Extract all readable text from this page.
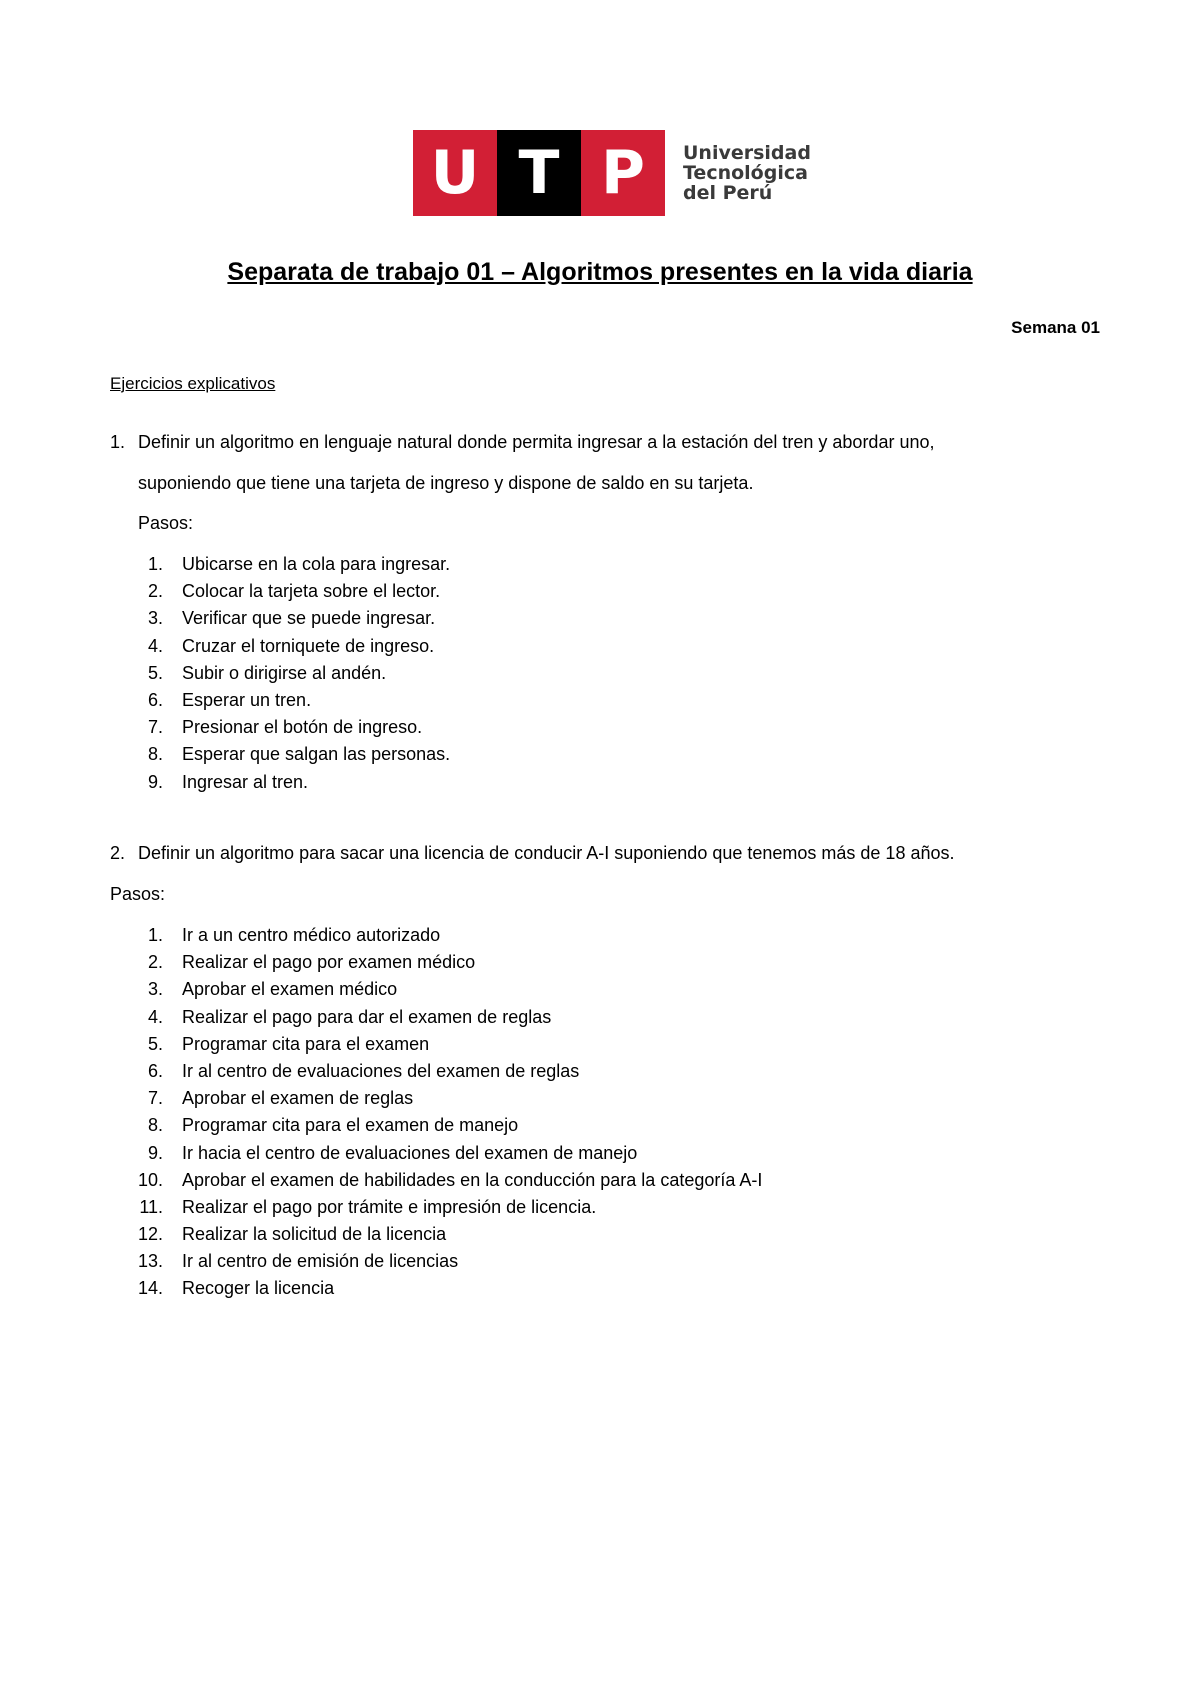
U T P	Universidad
Tecnológica
del Perú
Separata de trabajo 01 – Algoritmos presentes en la vida diaria
Semana 01
Ejercicios explicativos
1. Definir un algoritmo en lenguaje natural donde permita ingresar a la estación del tren y abordar uno,
suponiendo que tiene una tarjeta de ingreso y dispone de saldo en su tarjeta.
Pasos:
1. Ubicarse en la cola para ingresar.
2. Colocar la tarjeta sobre el lector.
3. Verificar que se puede ingresar.
4. Cruzar el torniquete de ingreso.
5. Subir o dirigirse al andén.
6. Esperar un tren.
7. Presionar el botón de ingreso.
8. Esperar que salgan las personas.
9. Ingresar al tren.
2. Definir un algoritmo para sacar una licencia de conducir A-I suponiendo que tenemos más de 18 años.
Pasos:
1. Ir a un centro médico autorizado
2. Realizar el pago por examen médico
3. Aprobar el examen médico
4. Realizar el pago para dar el examen de reglas
5. Programar cita para el examen
6. Ir al centro de evaluaciones del examen de reglas
7. Aprobar el examen de reglas
8. Programar cita para el examen de manejo
9. Ir hacia el centro de evaluaciones del examen de manejo
10. Aprobar el examen de habilidades en la conducción para la categoría A-I
11. Realizar el pago por trámite e impresión de licencia.
12. Realizar la solicitud de la licencia
13. Ir al centro de emisión de licencias
14. Recoger la licencia
